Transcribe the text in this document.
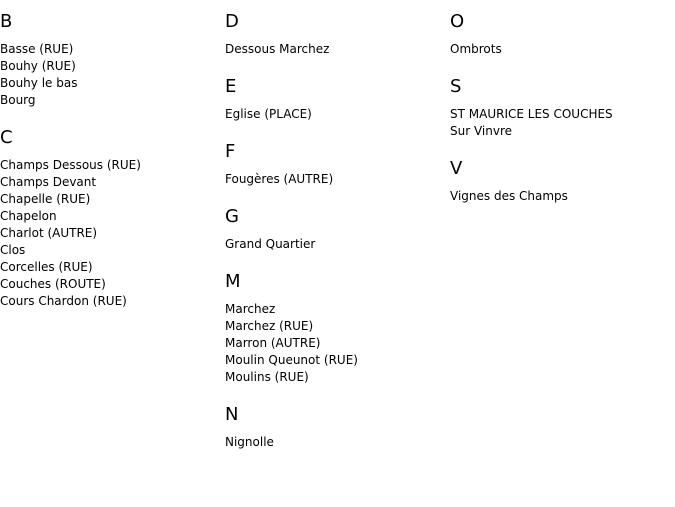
B
Basse (RUE)
Bouhy (RUE)
Bouhy le bas
Bourg
C
Champs Dessous (RUE)
Champs Devant
Chapelle (RUE)
Chapelon
Charlot (AUTRE)
Clos
Corcelles (RUE)
Couches (ROUTE)
Cours Chardon (RUE)
D
Dessous Marchez
E
Eglise (PLACE)
F
Fougères (AUTRE)
G
Grand Quartier
M
Marchez
Marchez (RUE)
Marron (AUTRE)
Moulin Queunot (RUE)
Moulins (RUE)
N
Nignolle
O
Ombrots
S
ST MAURICE LES COUCHES
Sur Vinvre
V
Vignes des Champs
